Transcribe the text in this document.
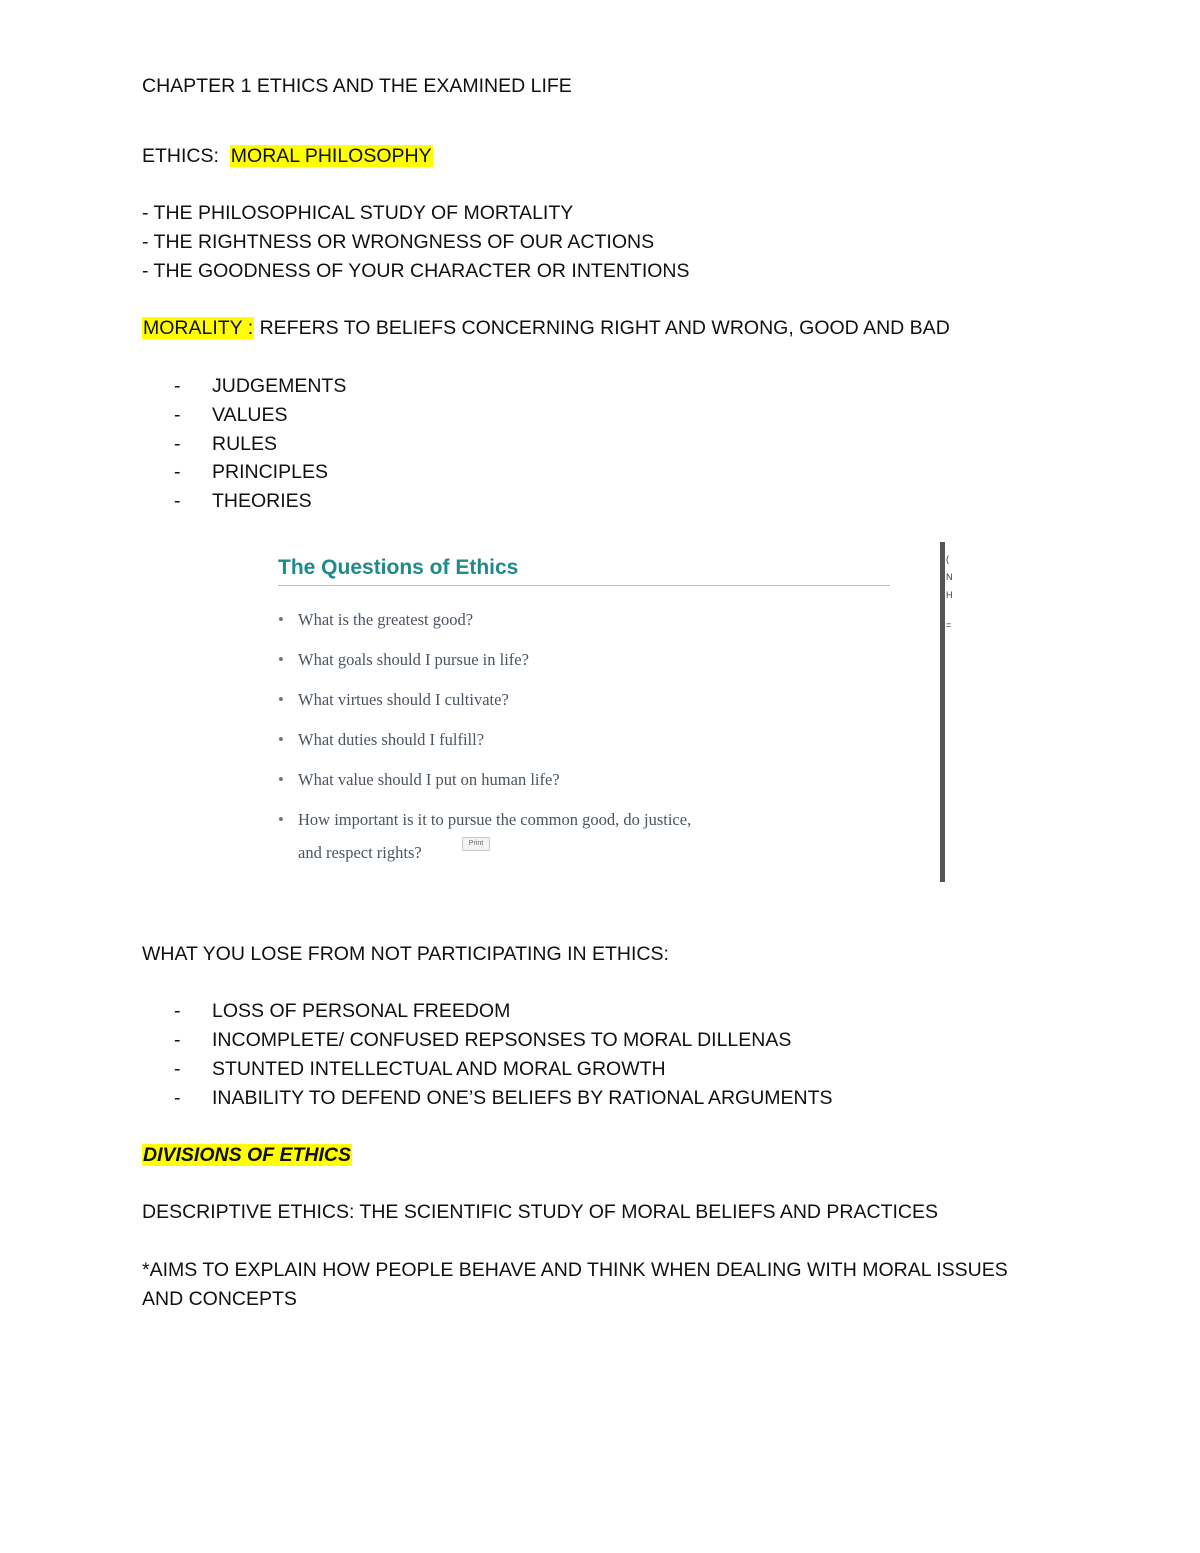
CHAPTER 1 ETHICS AND THE EXAMINED LIFE
ETHICS: MORAL PHILOSOPHY
- THE PHILOSOPHICAL STUDY OF MORTALITY
- THE RIGHTNESS OR WRONGNESS OF OUR ACTIONS
- THE GOODNESS OF YOUR CHARACTER OR INTENTIONS
MORALITY : REFERS TO BELIEFS CONCERNING RIGHT AND WRONG, GOOD AND BAD
- JUDGEMENTS
- VALUES
- RULES
- PRINCIPLES
- THEORIES
The Questions of Ethics
• What is the greatest good?
• What goals should I pursue in life?
• What virtues should I cultivate?
• What duties should I fulfill?
• What value should I put on human life?
• How important is it to pursue the common good, do justice,
and respect rights?	Print
(
N
H
=
WHAT YOU LOSE FROM NOT PARTICIPATING IN ETHICS:
- LOSS OF PERSONAL FREEDOM
- INCOMPLETE/ CONFUSED REPSONSES TO MORAL DILLENAS
- STUNTED INTELLECTUAL AND MORAL GROWTH
- INABILITY TO DEFEND ONE’S BELIEFS BY RATIONAL ARGUMENTS
DIVISIONS OF ETHICS
DESCRIPTIVE ETHICS: THE SCIENTIFIC STUDY OF MORAL BELIEFS AND PRACTICES
*AIMS TO EXPLAIN HOW PEOPLE BEHAVE AND THINK WHEN DEALING WITH MORAL ISSUES
AND CONCEPTS
